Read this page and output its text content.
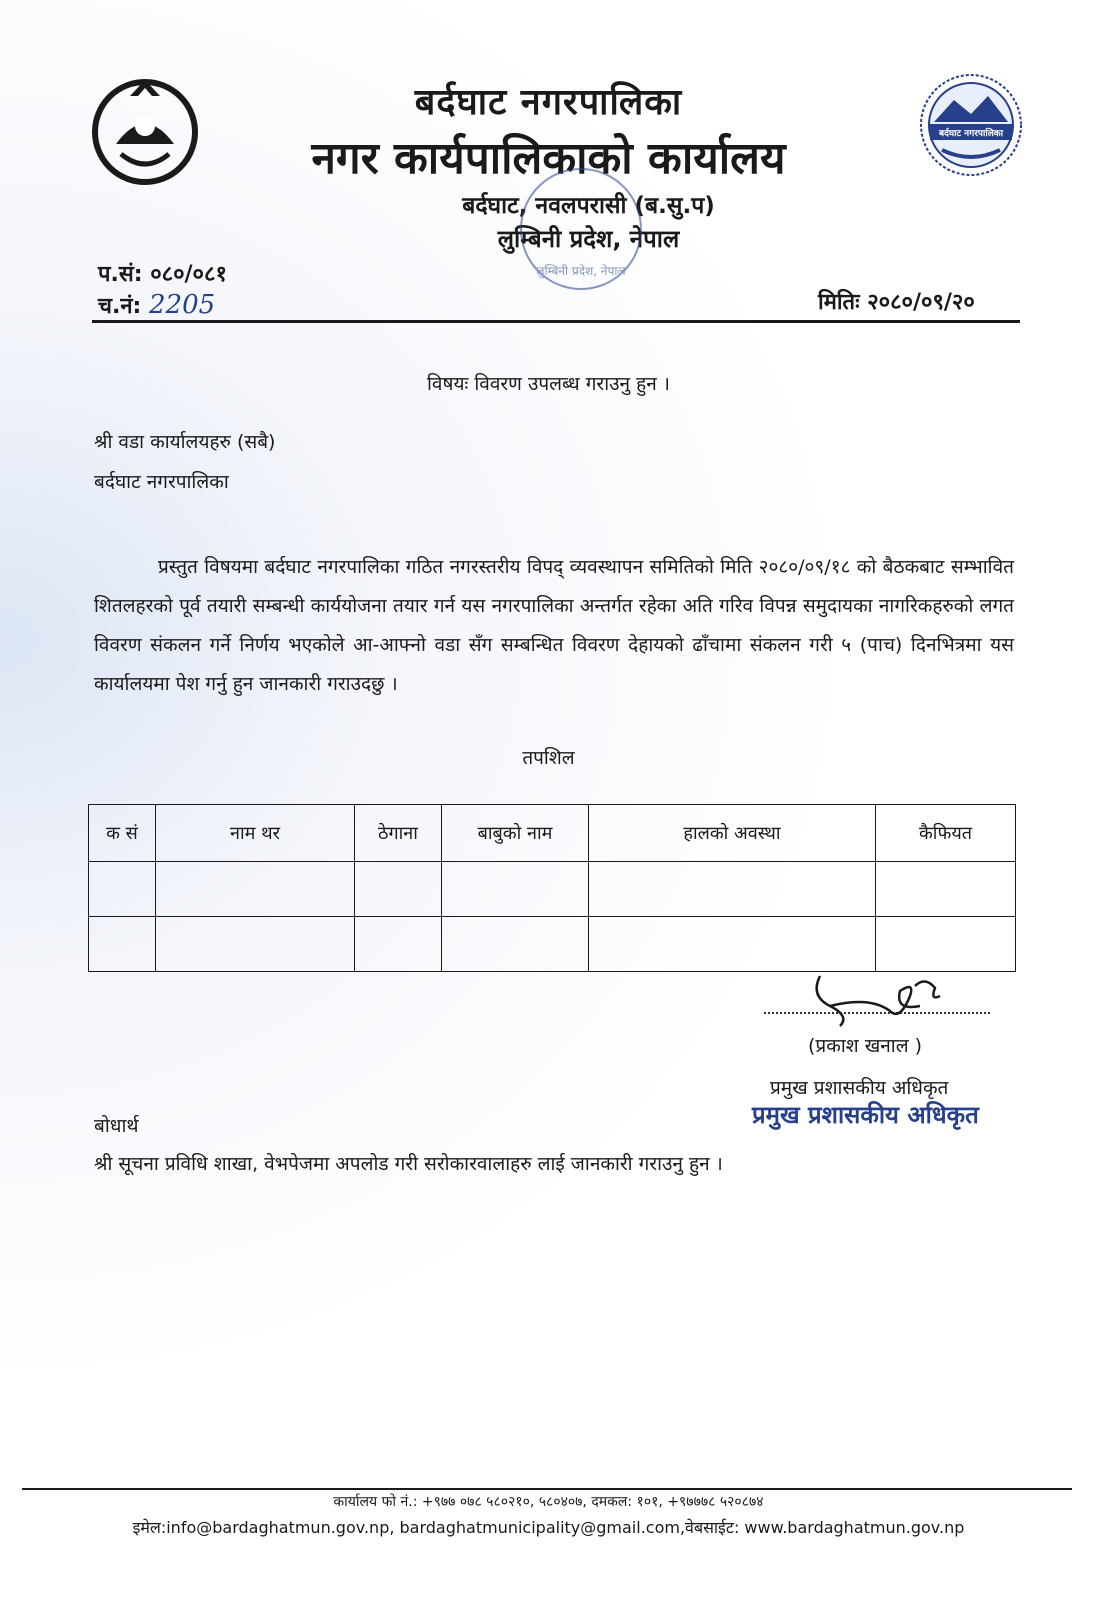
बर्दघाट नगरपालिका
बर्दघाट नगरपालिका
नगर कार्यपालिकाको कार्यालय
बर्दघाट, नवलपरासी (ब.सु.प)
लुम्बिनी प्रदेश, नेपाल
लुम्बिनी प्रदेश, नेपाल
प.सं: ०८०/०८१
च.नं: 2205	मितिः २०८०/०९/२०
विषयः विवरण उपलब्ध गराउनु हुन ।
श्री वडा कार्यालयहरु (सबै)
बर्दघाट नगरपालिका

प्रस्तुत विषयमा बर्दघाट नगरपालिका गठित नगरस्तरीय विपद् व्यवस्थापन समितिको मिति २०८०/०९/१८ को बैठकबाट सम्भावित शितलहरको पूर्व तयारी सम्बन्धी कार्ययोजना तयार गर्न यस नगरपालिका अन्तर्गत रहेका अति गरिव विपन्न समुदायका नागरिकहरुको लगत विवरण संकलन गर्ने निर्णय भएकोले आ-आफ्नो वडा सँग सम्बन्धित विवरण देहायको ढाँचामा संकलन गरी ५ (पाच) दिनभित्रमा यस कार्यालयमा पेश गर्नु हुन जानकारी गराउदछु ।

तपशिल
क सं	नाम थर	ठेगाना	बाबुको नाम	हालको अवस्था	कैफियत

(प्रकाश खनाल )
प्रमुख प्रशासकीय अधिकृत
प्रमुख प्रशासकीय अधिकृत
बोधार्थ
श्री सूचना प्रविधि शाखा, वेभपेजमा अपलोड गरी सरोकारवालाहरु लाई जानकारी गराउनु हुन ।
कार्यालय फो नं.: +९७७ ०७८ ५८०२१०, ५८०४०७, दमकल: १०१, +९७७७८ ५२०८७४
इमेल:info@bardaghatmun.gov.np, bardaghatmunicipality@gmail.com,वेबसाईट: www.bardaghatmun.gov.np
